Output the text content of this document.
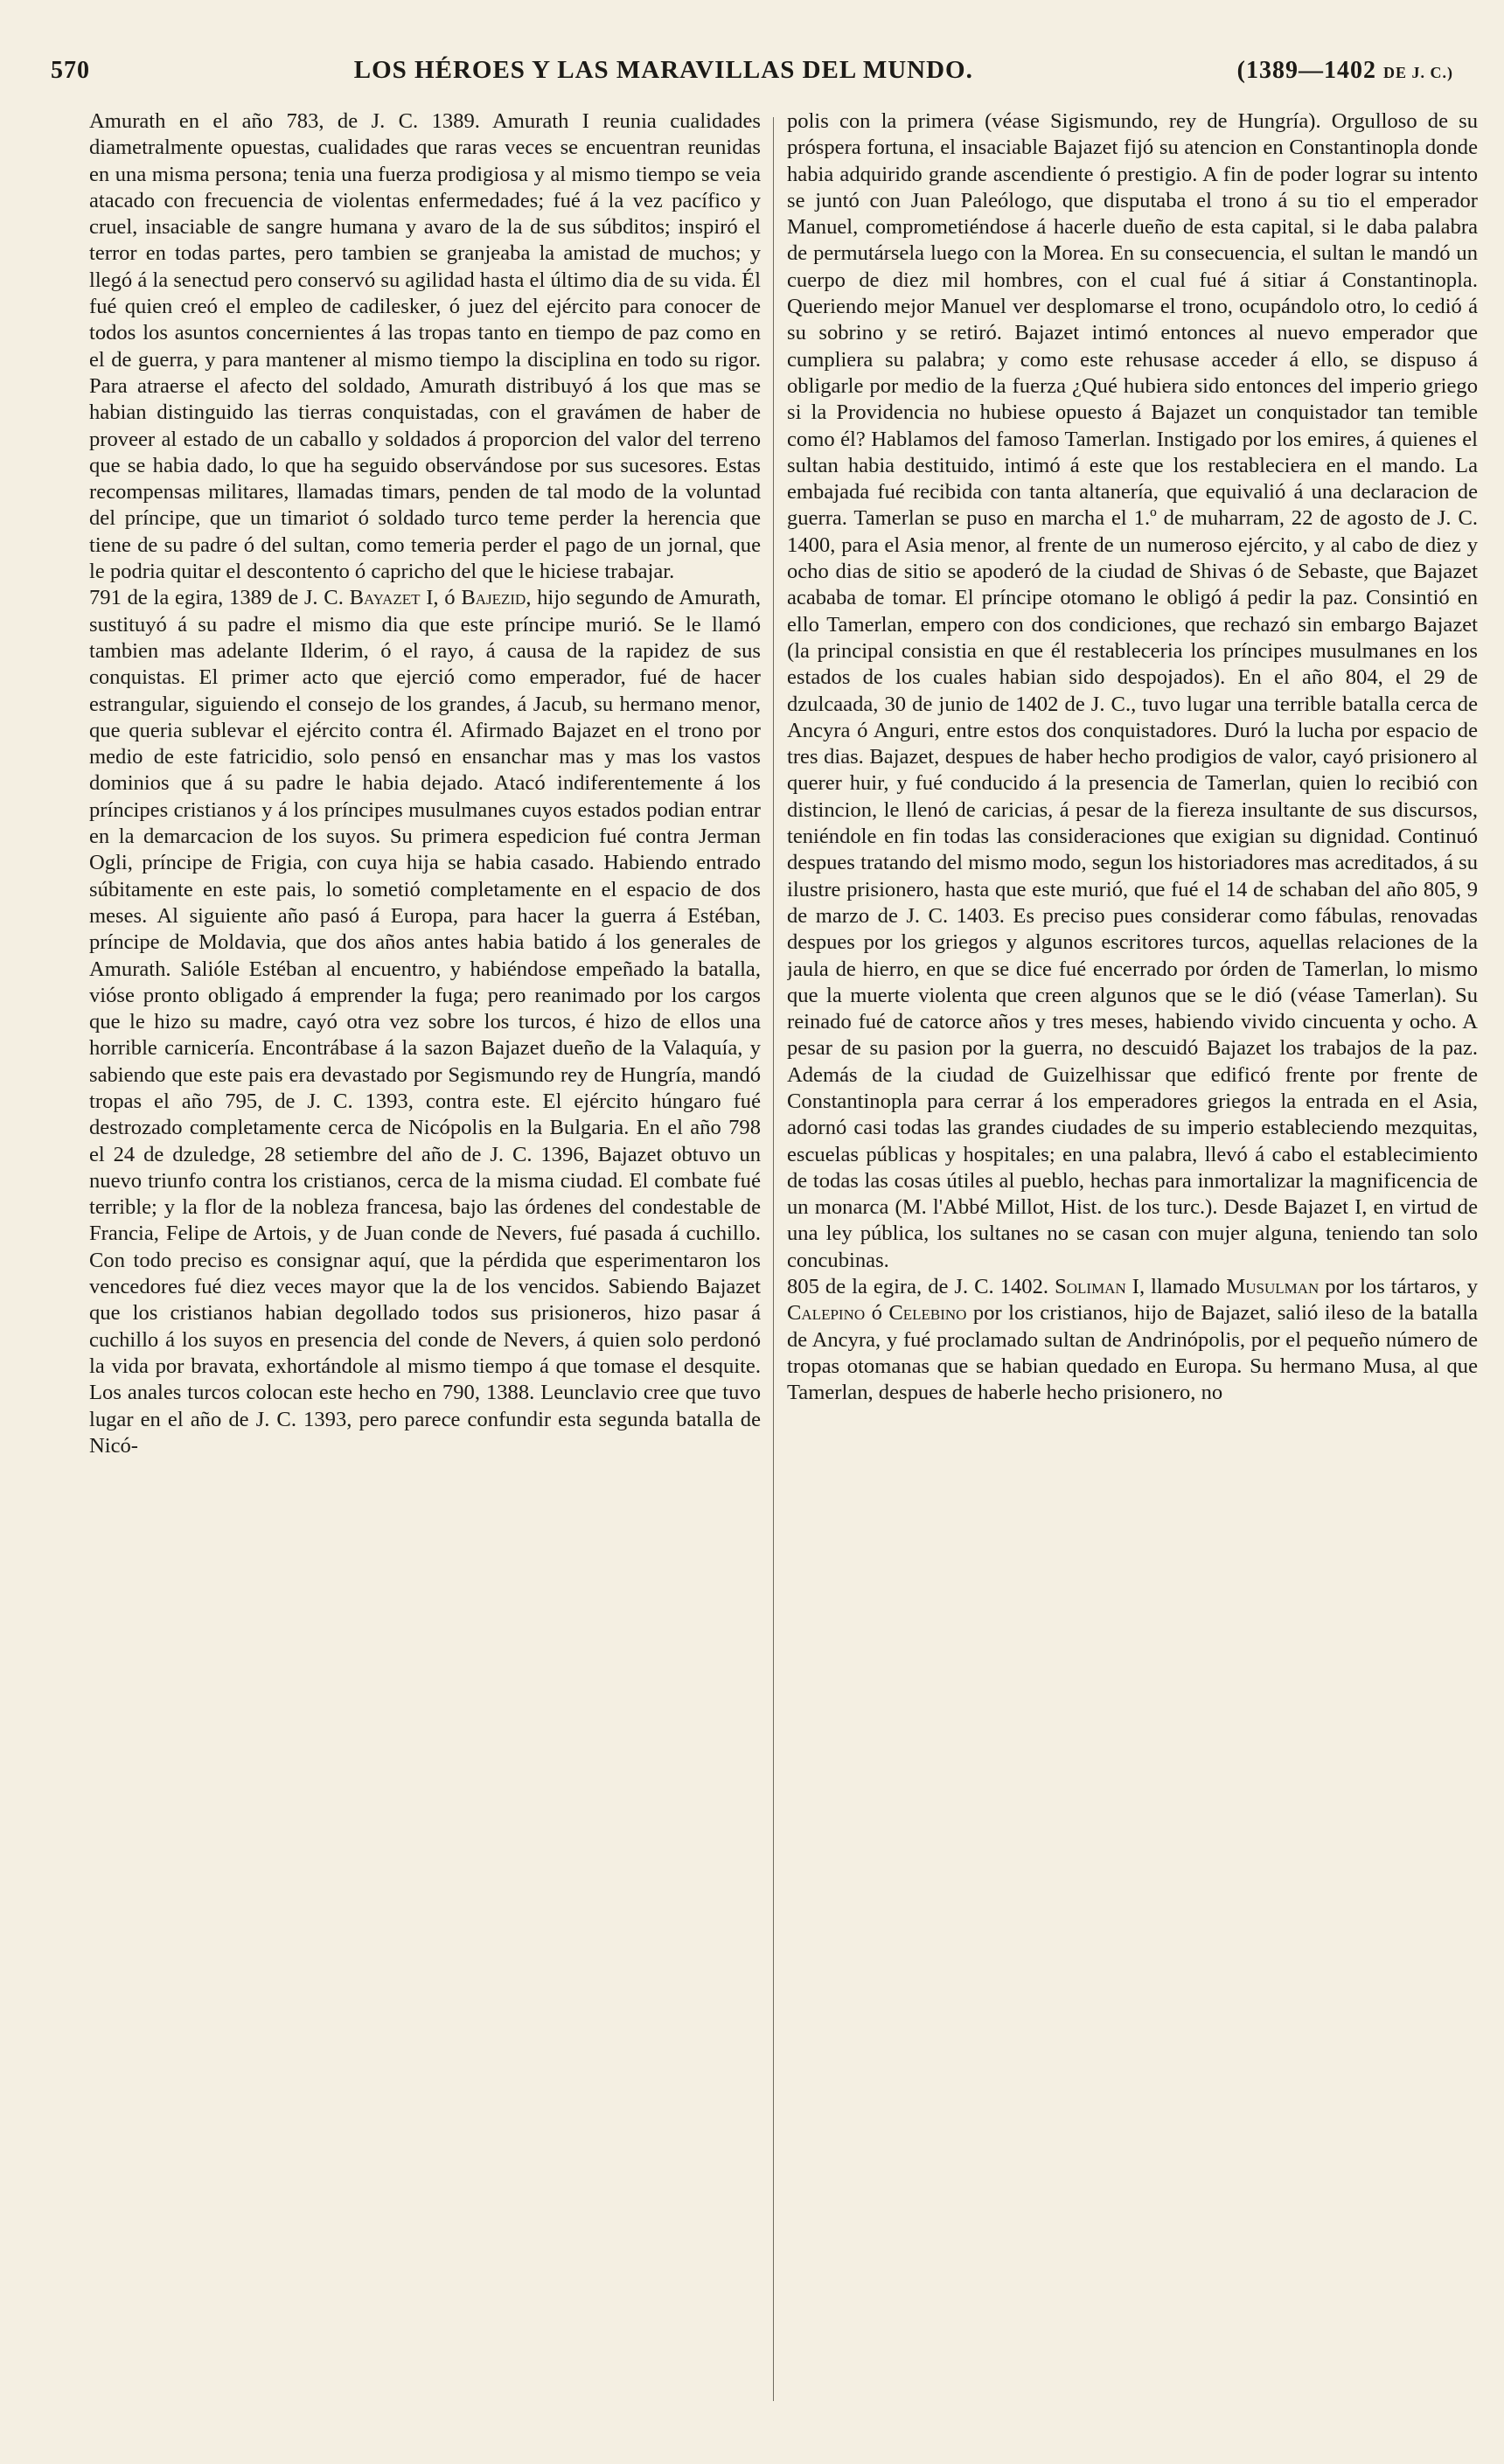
570	LOS HÉROES Y LAS MARAVILLAS DEL MUNDO.	(1389—1402 DE J. C.)

Amurath en el año 783, de J. C. 1389. Amurath I reunia cualidades diametralmente opuestas, cualidades que raras veces se encuentran reunidas en una misma persona; tenia una fuerza prodigiosa y al mismo tiempo se veia atacado con frecuencia de violentas enfermedades; fué á la vez pacífico y cruel, insaciable de sangre humana y avaro de la de sus súbditos; inspiró el terror en todas partes, pero tambien se granjeaba la amistad de muchos; y llegó á la senectud pero conservó su agilidad hasta el último dia de su vida. Él fué quien creó el empleo de cadilesker, ó juez del ejército para conocer de todos los asuntos concernientes á las tropas tanto en tiempo de paz como en el de guerra, y para mantener al mismo tiempo la disciplina en todo su rigor. Para atraerse el afecto del soldado, Amurath distribuyó á los que mas se habian distinguido las tierras conquistadas, con el gravámen de haber de proveer al estado de un caballo y soldados á proporcion del valor del terreno que se habia dado, lo que ha seguido observándose por sus sucesores. Estas recompensas militares, llamadas timars, penden de tal modo de la voluntad del príncipe, que un timariot ó soldado turco teme perder la herencia que tiene de su padre ó del sultan, como temeria perder el pago de un jornal, que le podria quitar el descontento ó capricho del que le hiciese trabajar.

791 de la egira, 1389 de J. C. Bayazet I, ó Bajezid, hijo segundo de Amurath, sustituyó á su padre el mismo dia que este príncipe murió. Se le llamó tambien mas adelante Ilderim, ó el rayo, á causa de la rapidez de sus conquistas. El primer acto que ejerció como emperador, fué de hacer estrangular, siguiendo el consejo de los grandes, á Jacub, su hermano menor, que queria sublevar el ejército contra él. Afirmado Bajazet en el trono por medio de este fatricidio, solo pensó en ensanchar mas y mas los vastos dominios que á su padre le habia dejado. Atacó indiferentemente á los príncipes cristianos y á los príncipes musulmanes cuyos estados podian entrar en la demarcacion de los suyos. Su primera espedicion fué contra Jerman Ogli, príncipe de Frigia, con cuya hija se habia casado. Habiendo entrado súbitamente en este pais, lo sometió completamente en el espacio de dos meses. Al siguiente año pasó á Europa, para hacer la guerra á Estéban, príncipe de Moldavia, que dos años antes habia batido á los generales de Amurath. Salióle Estéban al encuentro, y habiéndose empeñado la batalla, vióse pronto obligado á emprender la fuga; pero reanimado por los cargos que le hizo su madre, cayó otra vez sobre los turcos, é hizo de ellos una horrible carnicería. Encontrábase á la sazon Bajazet dueño de la Valaquía, y sabiendo que este pais era devastado por Segismundo rey de Hungría, mandó tropas el año 795, de J. C. 1393, contra este. El ejército húngaro fué destrozado completamente cerca de Nicópolis en la Bulgaria. En el año 798 el 24 de dzuledge, 28 setiembre del año de J. C. 1396, Bajazet obtuvo un nuevo triunfo contra los cristianos, cerca de la misma ciudad. El combate fué terrible; y la flor de la nobleza francesa, bajo las órdenes del condestable de Francia, Felipe de Artois, y de Juan conde de Nevers, fué pasada á cuchillo. Con todo preciso es consignar aquí, que la pérdida que esperimentaron los vencedores fué diez veces mayor que la de los vencidos. Sabiendo Bajazet que los cristianos habian degollado todos sus prisioneros, hizo pasar á cuchillo á los suyos en presencia del conde de Nevers, á quien solo perdonó la vida por bravata, exhortándole al mismo tiempo á que tomase el desquite. Los anales turcos colocan este hecho en 790, 1388. Leunclavio cree que tuvo lugar en el año de J. C. 1393, pero parece confundir esta segunda batalla de Nicó-

polis con la primera (véase Sigismundo, rey de Hungría). Orgulloso de su próspera fortuna, el insaciable Bajazet fijó su atencion en Constantinopla donde habia adquirido grande ascendiente ó prestigio. A fin de poder lograr su intento se juntó con Juan Paleólogo, que disputaba el trono á su tio el emperador Manuel, comprometiéndose á hacerle dueño de esta capital, si le daba palabra de permutársela luego con la Morea. En su consecuencia, el sultan le mandó un cuerpo de diez mil hombres, con el cual fué á sitiar á Constantinopla. Queriendo mejor Manuel ver desplomarse el trono, ocupándolo otro, lo cedió á su sobrino y se retiró. Bajazet intimó entonces al nuevo emperador que cumpliera su palabra; y como este rehusase acceder á ello, se dispuso á obligarle por medio de la fuerza ¿Qué hubiera sido entonces del imperio griego si la Providencia no hubiese opuesto á Bajazet un conquistador tan temible como él? Hablamos del famoso Tamerlan. Instigado por los emires, á quienes el sultan habia destituido, intimó á este que los restableciera en el mando. La embajada fué recibida con tanta altanería, que equivalió á una declaracion de guerra. Tamerlan se puso en marcha el 1.º de muharram, 22 de agosto de J. C. 1400, para el Asia menor, al frente de un numeroso ejército, y al cabo de diez y ocho dias de sitio se apoderó de la ciudad de Shivas ó de Sebaste, que Bajazet acababa de tomar. El príncipe otomano le obligó á pedir la paz. Consintió en ello Tamerlan, empero con dos condiciones, que rechazó sin embargo Bajazet (la principal consistia en que él restableceria los príncipes musulmanes en los estados de los cuales habian sido despojados). En el año 804, el 29 de dzulcaada, 30 de junio de 1402 de J. C., tuvo lugar una terrible batalla cerca de Ancyra ó Anguri, entre estos dos conquistadores. Duró la lucha por espacio de tres dias. Bajazet, despues de haber hecho prodigios de valor, cayó prisionero al querer huir, y fué conducido á la presencia de Tamerlan, quien lo recibió con distincion, le llenó de caricias, á pesar de la fiereza insultante de sus discursos, teniéndole en fin todas las consideraciones que exigian su dignidad. Continuó despues tratando del mismo modo, segun los historiadores mas acreditados, á su ilustre prisionero, hasta que este murió, que fué el 14 de schaban del año 805, 9 de marzo de J. C. 1403. Es preciso pues considerar como fábulas, renovadas despues por los griegos y algunos escritores turcos, aquellas relaciones de la jaula de hierro, en que se dice fué encerrado por órden de Tamerlan, lo mismo que la muerte violenta que creen algunos que se le dió (véase Tamerlan). Su reinado fué de catorce años y tres meses, habiendo vivido cincuenta y ocho. A pesar de su pasion por la guerra, no descuidó Bajazet los trabajos de la paz. Además de la ciudad de Guizelhissar que edificó frente por frente de Constantinopla para cerrar á los emperadores griegos la entrada en el Asia, adornó casi todas las grandes ciudades de su imperio estableciendo mezquitas, escuelas públicas y hospitales; en una palabra, llevó á cabo el establecimiento de todas las cosas útiles al pueblo, hechas para inmortalizar la magnificencia de un monarca (M. l'Abbé Millot, Hist. de los turc.). Desde Bajazet I, en virtud de una ley pública, los sultanes no se casan con mujer alguna, teniendo tan solo concubinas.

805 de la egira, de J. C. 1402. Soliman I, llamado Musulman por los tártaros, y Calepino ó Celebino por los cristianos, hijo de Bajazet, salió ileso de la batalla de Ancyra, y fué proclamado sultan de Andrinópolis, por el pequeño número de tropas otomanas que se habian quedado en Europa. Su hermano Musa, al que Tamerlan, despues de haberle hecho prisionero, no
